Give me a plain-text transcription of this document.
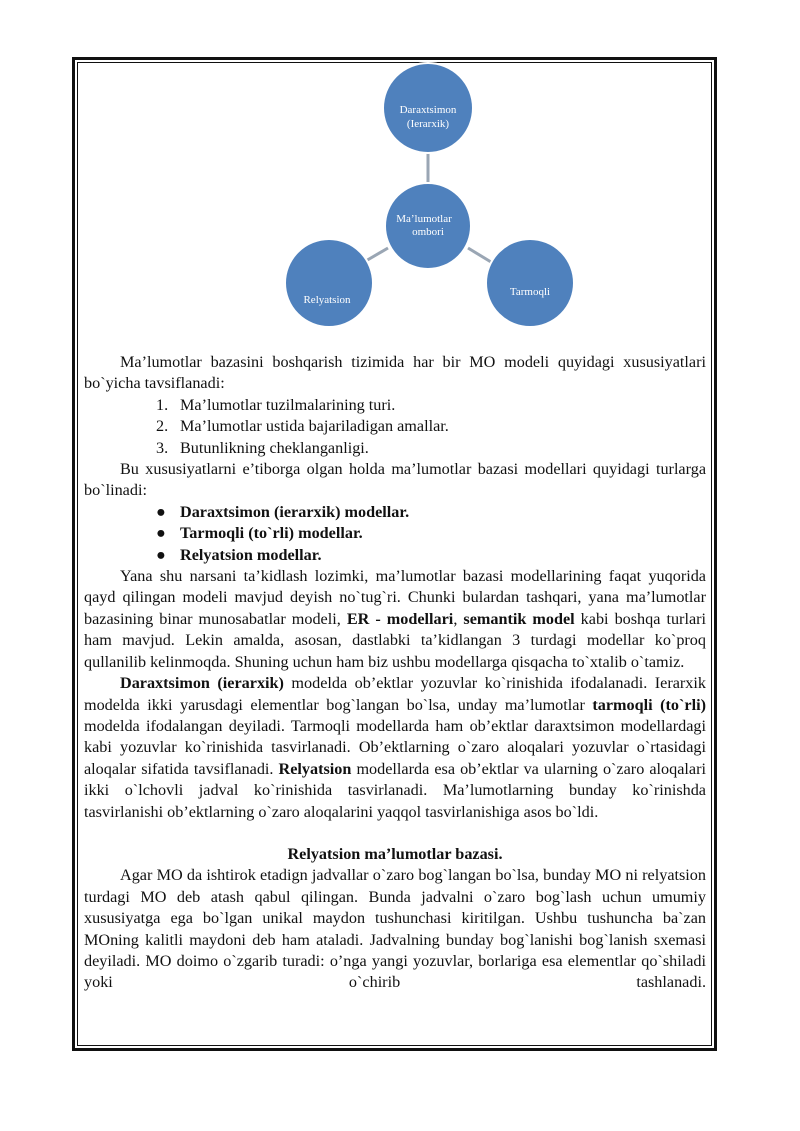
Daraxtsimon
(Ierarxik)
Ma’lumotlar
ombori
Relyatsion
Tarmoqli

Ma’lumotlar bazasini boshqarish tizimida har bir MO modeli quyidagi xususiyatlari bo`yicha tavsiflanadi:

1. Ma’lumotlar tuzilmalarining turi.
2. Ma’lumotlar ustida bajariladigan amallar.
3. Butunlikning cheklanganligi.

Bu xususiyatlarni e’tiborga olgan holda ma’lumotlar bazasi modellari quyidagi turlarga bo`linadi:

● Daraxtsimon (ierarxik) modellar.
● Tarmoqli (to`rli) modellar.
● Relyatsion modellar.

Yana shu narsani ta’kidlash lozimki, ma’lumotlar bazasi modellarining faqat yuqorida qayd qilingan modeli mavjud deyish no`tug`ri. Chunki bulardan tashqari, yana ma’lumotlar bazasining binar munosabatlar modeli, ER - modellari, semantik model kabi boshqa turlari ham mavjud. Lekin amalda, asosan, dastlabki ta’kidlangan 3 turdagi modellar ko`proq qullanilib kelinmoqda. Shuning uchun ham biz ushbu modellarga qisqacha to`xtalib o`tamiz.

Daraxtsimon (ierarxik) modelda ob’ektlar yozuvlar ko`rinishida ifodalanadi. Ierarxik modelda ikki yarusdagi elementlar bog`langan bo`lsa, unday ma’lumotlar tarmoqli (to`rli) modelda ifodalangan deyiladi. Tarmoqli modellarda ham ob’ektlar daraxtsimon modellardagi kabi yozuvlar ko`rinishida tasvirlanadi. Ob’ektlarning o`zaro aloqalari yozuvlar o`rtasidagi aloqalar sifatida tavsiflanadi. Relyatsion modellarda esa ob’ektlar va ularning o`zaro aloqalari ikki o`lchovli jadval ko`rinishida tasvirlanadi. Ma’lumotlarning bunday ko`rinishda tasvirlanishi ob’ektlarning o`zaro aloqalarini yaqqol tasvirlanishiga asos bo`ldi.

Relyatsion ma’lumotlar bazasi.

Agar MO da ishtirok etadign jadvallar o`zaro bog`langan bo`lsa, bunday MO ni relyatsion turdagi MO deb atash qabul qilingan. Bunda jadvalni o`zaro bog`lash uchun umumiy xususiyatga ega bo`lgan unikal maydon tushunchasi kiritilgan. Ushbu tushuncha ba`zan MOning kalitli maydoni deb ham ataladi. Jadvalning bunday bog`lanishi bog`lanish sxemasi deyiladi. MO doimo o`zgarib turadi: o’nga yangi yozuvlar, borlariga esa elementlar qo`shiladi yoki o`chirib tashlanadi.
